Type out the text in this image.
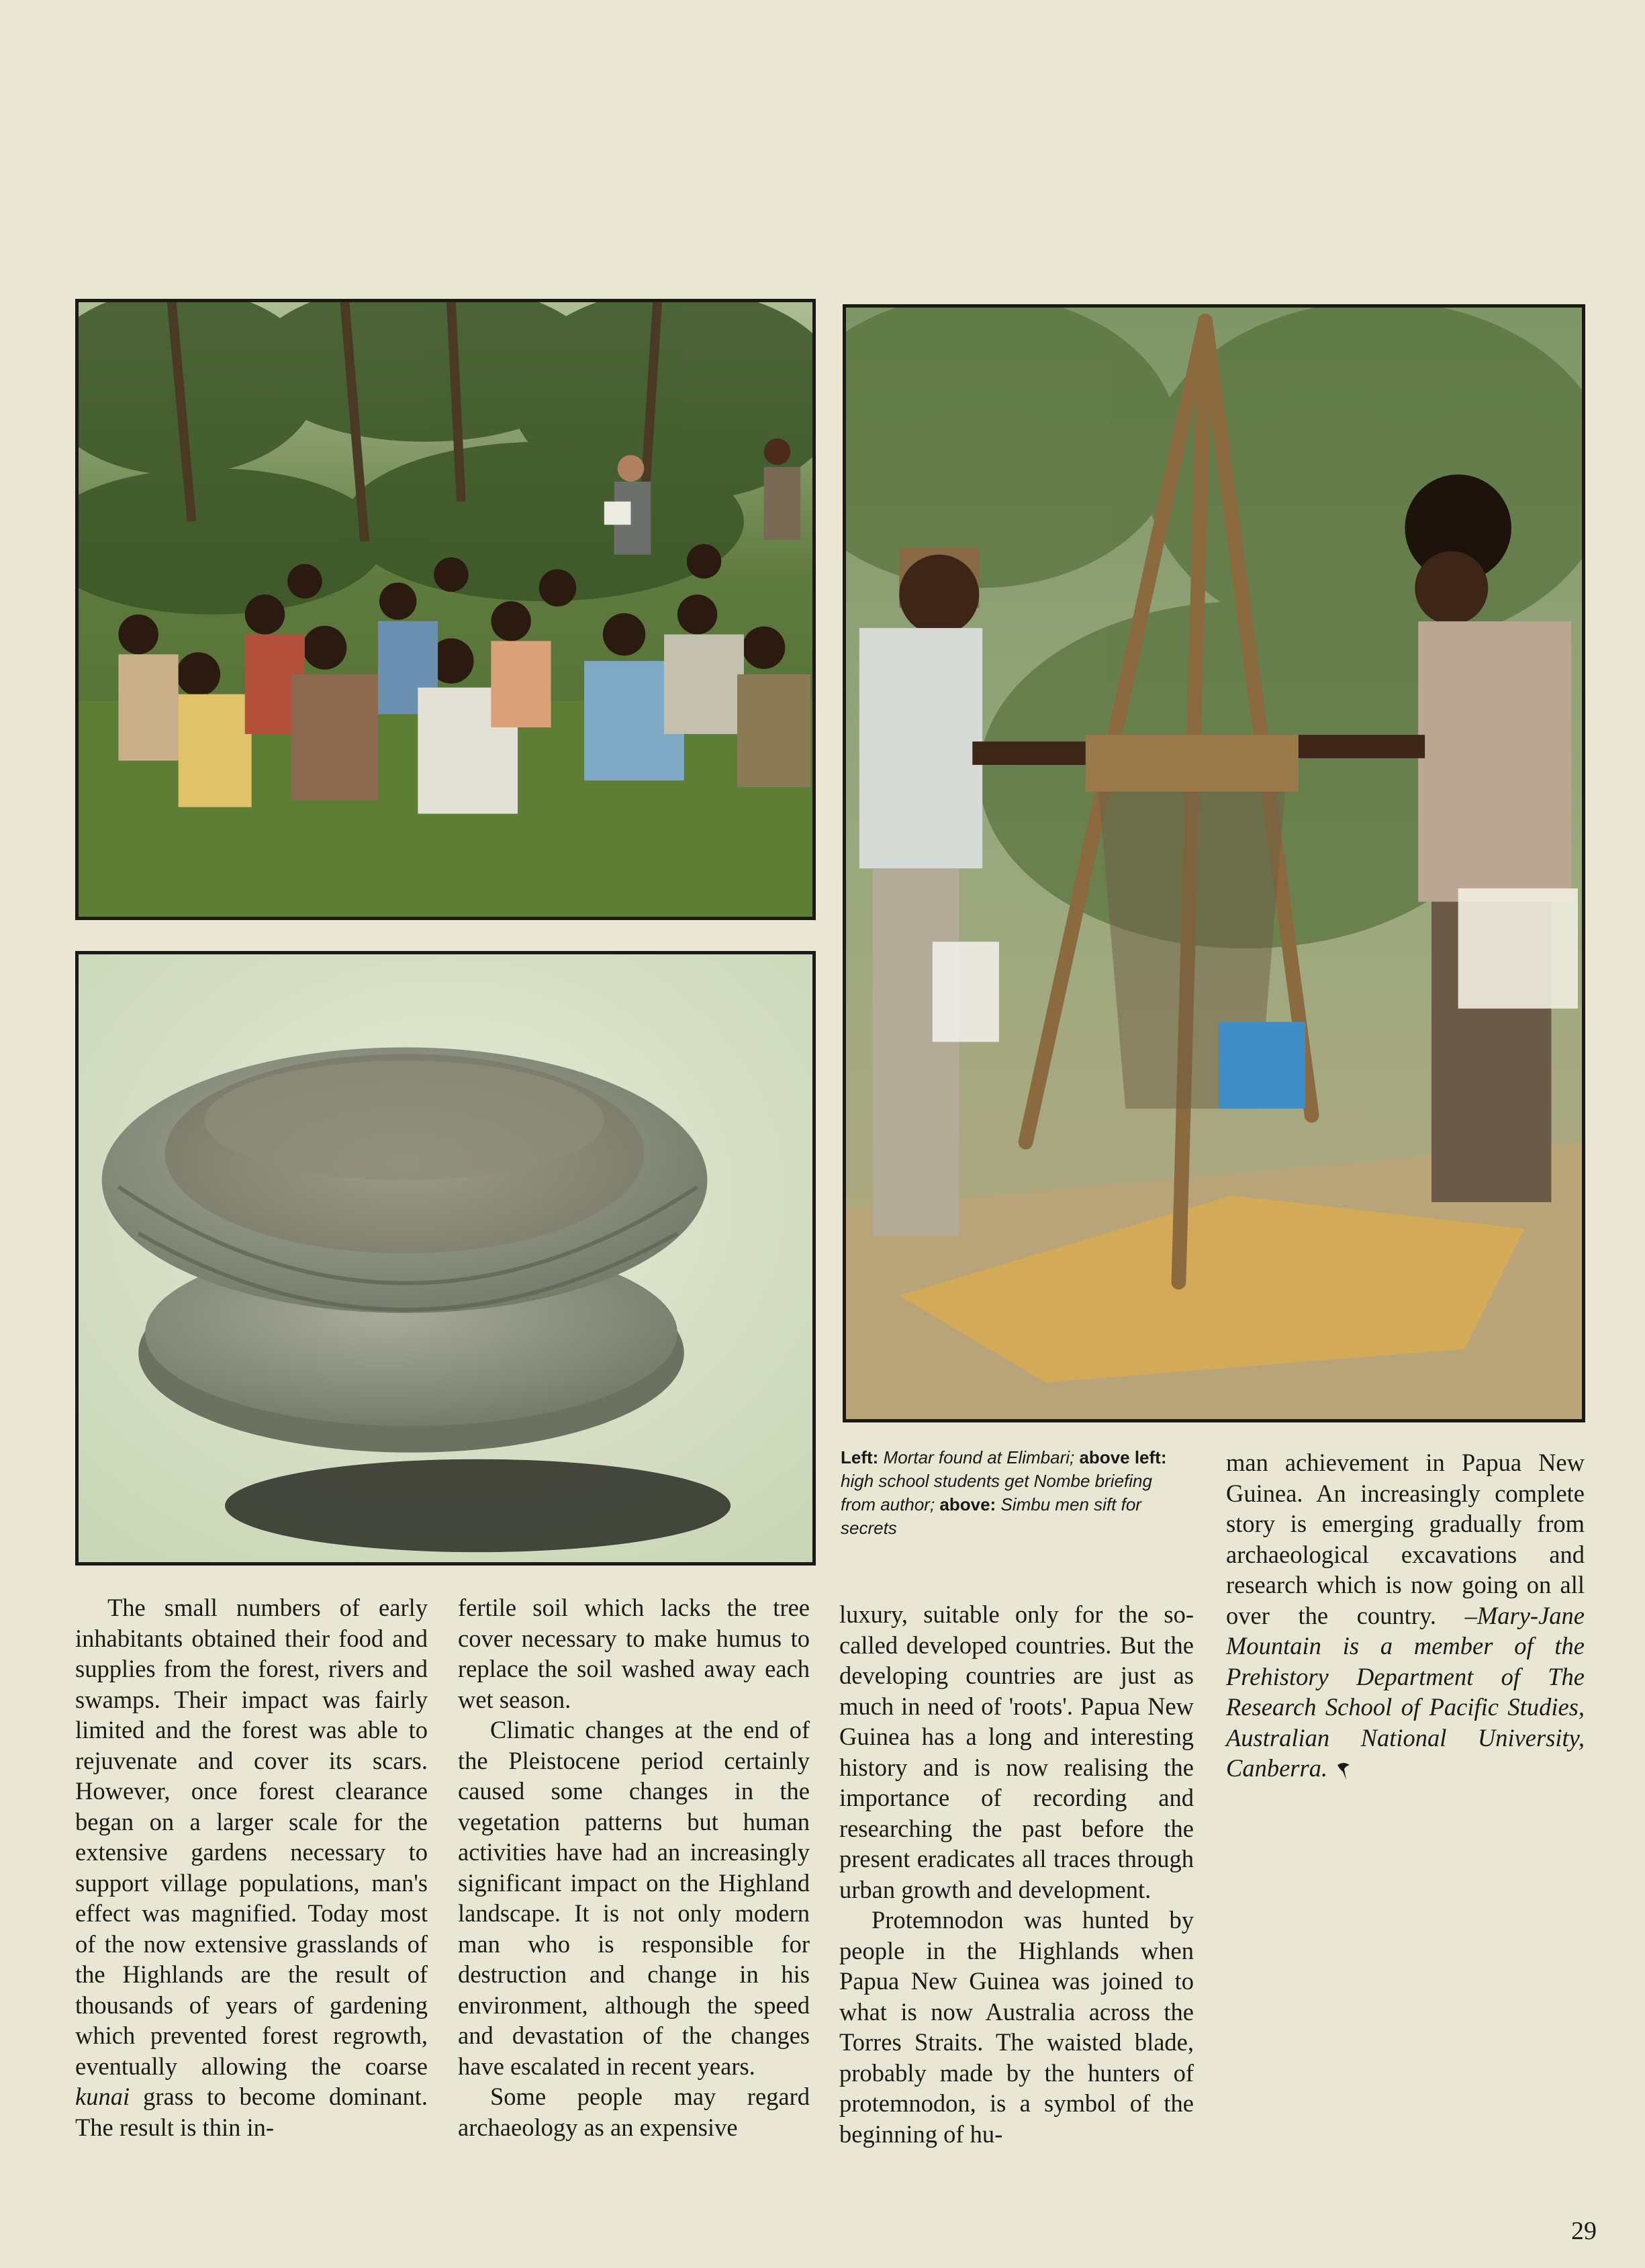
Left: Mortar found at Elimbari; above left: high school students get Nombe briefing from author; above: Simbu men sift for secrets

The small numbers of early inhabitants obtained their food and supplies from the forest, rivers and swamps. Their impact was fairly limited and the forest was able to rejuvenate and cover its scars. However, once forest clearance began on a larger scale for the extensive gardens necessary to support village populations, man's effect was magnified. Today most of the now extensive grasslands of the Highlands are the result of thousands of years of gardening which prevented forest regrowth, eventually allowing the coarse kunai grass to become dominant. The result is thin in-

fertile soil which lacks the tree cover necessary to make humus to replace the soil washed away each wet season.

Climatic changes at the end of the Pleistocene period certainly caused some changes in the vegetation patterns but human activities have had an increasingly significant impact on the Highland landscape. It is not only modern man who is responsible for destruction and change in his environment, although the speed and devastation of the changes have escalated in recent years.

Some people may regard archaeology as an expensive

luxury, suitable only for the so-called developed countries. But the developing countries are just as much in need of 'roots'. Papua New Guinea has a long and interesting history and is now realising the importance of recording and researching the past before the present eradicates all traces through urban growth and development.

Protemnodon was hunted by people in the Highlands when Papua New Guinea was joined to what is now Australia across the Torres Straits. The waisted blade, probably made by the hunters of protemnodon, is a symbol of the beginning of hu-

man achievement in Papua New Guinea. An increasingly complete story is emerging gradually from archaeological excavations and research which is now going on all over the country. –Mary-Jane Mountain is a member of the Prehistory Department of The Research School of Pacific Studies, Australian National University, Canberra.

29
